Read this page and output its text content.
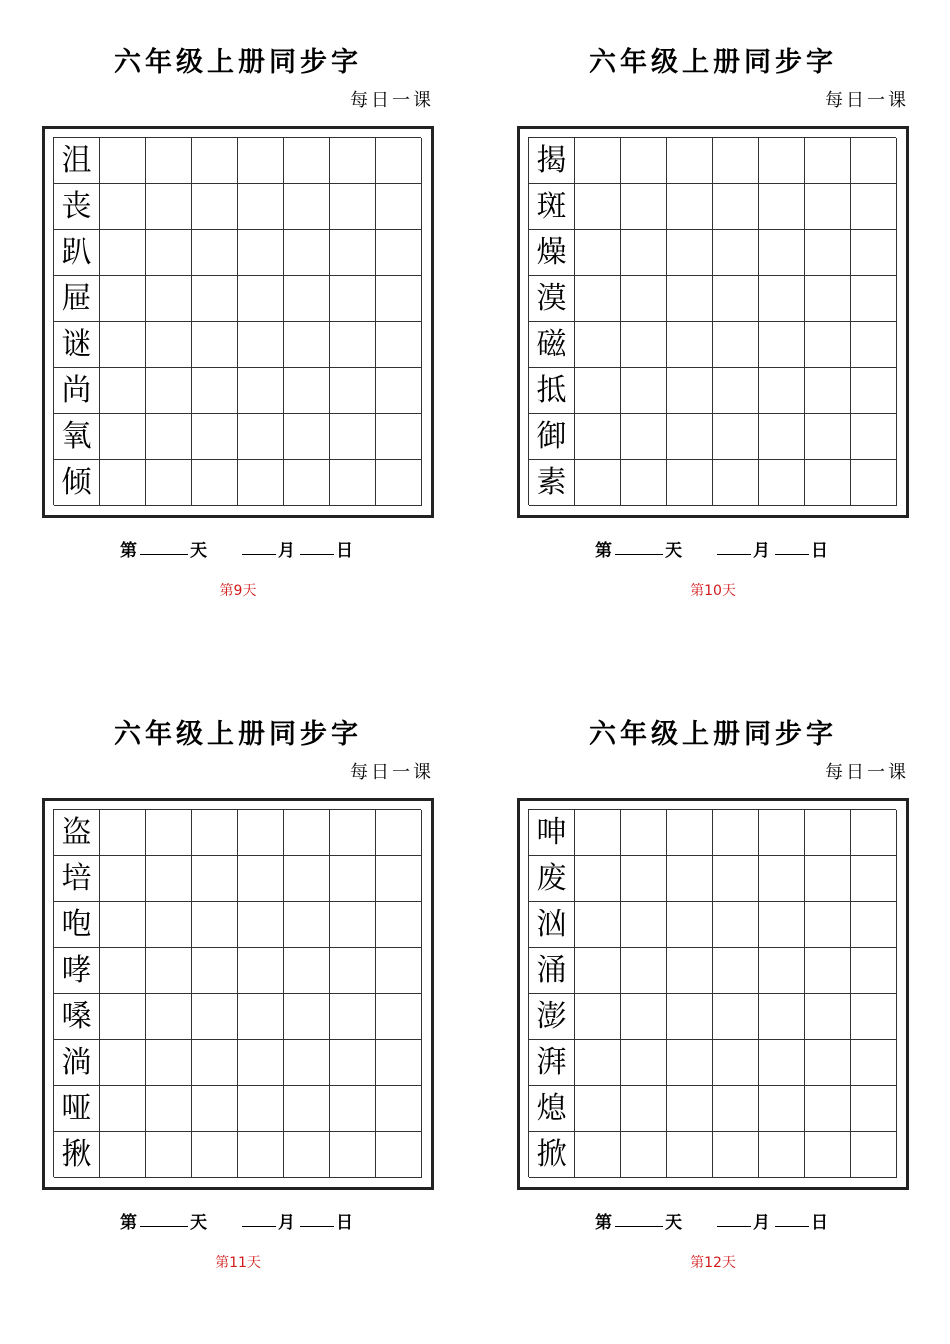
六年级上册同步字
每日一课
沮
丧
趴
屉
谜
尚
氧
倾
第	天	月 日
第9天
六年级上册同步字
每日一课
揭
斑
燥
漠
磁
抵
御
素
第	天	月 日
第10天
六年级上册同步字
每日一课
盗
培
咆
哮
嗓
淌
哑
揪
第	天	月 日
第11天
六年级上册同步字
每日一课
呻
废
汹
涌
澎
湃
熄
掀
第	天	月 日
第12天
